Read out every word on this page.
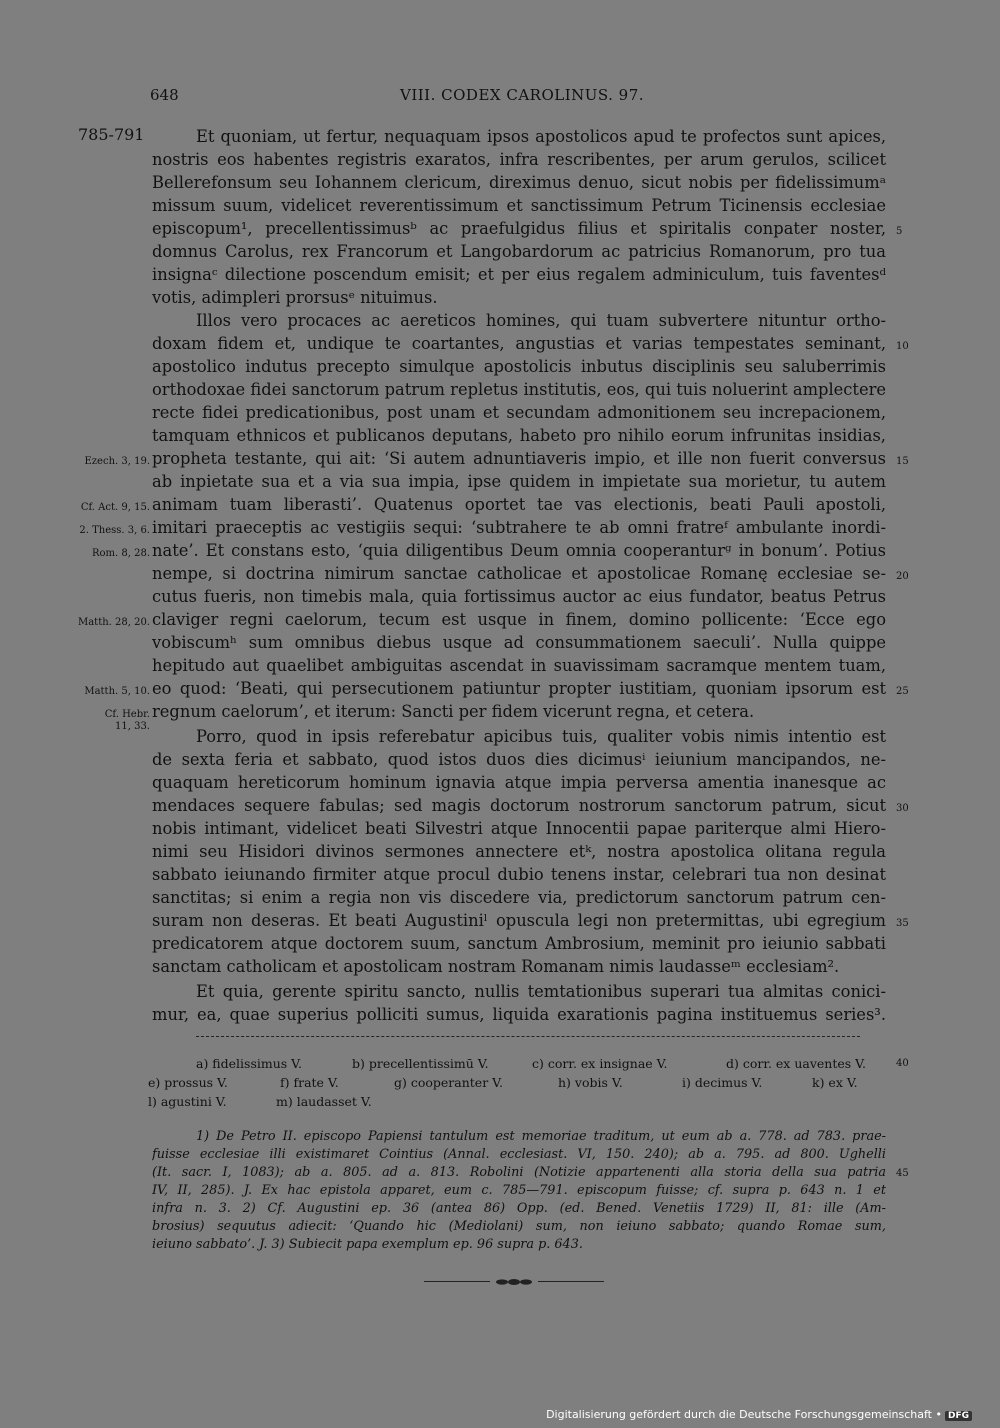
648	VIII. CODEX CAROLINUS. 97.
785-791	Et quoniam, ut fertur, nequaquam ipsos apostolicos apud te profectos sunt apices,
nostris eos habentes registris exaratos, infra rescribentes, per arum gerulos, scilicet
Bellerefonsum seu Iohannem clericum, direximus denuo, sicut nobis per fidelissimumᵃ
missum suum, videlicet reverentissimum et sanctissimum Petrum Ticinensis ecclesiae
episcopum¹, precellentissimusᵇ ac praefulgidus filius et spiritalis conpater noster,
domnus Carolus, rex Francorum et Langobardorum ac patricius Romanorum, pro tua
insignaᶜ dilectione poscendum emisit; et per eius regalem adminiculum, tuis faventesᵈ
votis, adimpleri prorsusᵉ nituimus.
Illos vero procaces ac aereticos homines, qui tuam subvertere nituntur ortho-
doxam fidem et, undique te coartantes, angustias et varias tempestates seminant,
apostolico indutus precepto simulque apostolicis inbutus disciplinis seu saluberrimis
orthodoxae fidei sanctorum patrum repletus institutis, eos, qui tuis noluerint amplectere
recte fidei predicationibus, post unam et secundam admonitionem seu increpacionem,
tamquam ethnicos et publicanos deputans, habeto pro nihilo eorum infrunitas insidias,
propheta testante, qui ait: ‘Si autem adnuntiaveris impio, et ille non fuerit conversus
ab inpietate sua et a via sua impia, ipse quidem in impietate sua morietur, tu autem
animam tuam liberasti’. Quatenus oportet tae vas electionis, beati Pauli apostoli,
imitari praeceptis ac vestigiis sequi: ‘subtrahere te ab omni fratreᶠ ambulante inordi-
nate’. Et constans esto, ‘quia diligentibus Deum omnia cooperanturᵍ in bonum’. Potius
nempe, si doctrina nimirum sanctae catholicae et apostolicae Romanę ecclesiae se-
cutus fueris, non timebis mala, quia fortissimus auctor ac eius fundator, beatus Petrus
claviger regni caelorum, tecum est usque in finem, domino pollicente: ‘Ecce ego
vobiscumʰ sum omnibus diebus usque ad consummationem saeculi’. Nulla quippe
hepitudo aut quaelibet ambiguitas ascendat in suavissimam sacramque mentem tuam,
eo quod: ‘Beati, qui persecutionem patiuntur propter iustitiam, quoniam ipsorum est
regnum caelorum’, et iterum: Sancti per fidem vicerunt regna, et cetera.
Porro, quod in ipsis referebatur apicibus tuis, qualiter vobis nimis intentio est
de sexta feria et sabbato, quod istos duos dies dicimusⁱ ieiunium mancipandos, ne-
quaquam hereticorum hominum ignavia atque impia perversa amentia inanesque ac
mendaces sequere fabulas; sed magis doctorum nostrorum sanctorum patrum, sicut
nobis intimant, videlicet beati Silvestri atque Innocentii papae pariterque almi Hiero-
nimi seu Hisidori divinos sermones annectere etᵏ, nostra apostolica olitana regula
sabbato ieiunando firmiter atque procul dubio tenens instar, celebrari tua non desinat
sanctitas; si enim a regia non vis discedere via, predictorum sanctorum patrum cen-
suram non deseras. Et beati Augustiniˡ opuscula legi non pretermittas, ubi egregium
predicatorem atque doctorem suum, sanctum Ambrosium, meminit pro ieiunio sabbati
sanctam catholicam et apostolicam nostram Romanam nimis laudasseᵐ ecclesiam².
Et quia, gerente spiritu sancto, nullis temtationibus superari tua almitas conici-
mur, ea, quae superius polliciti sumus, liquida exarationis pagina instituemus series³.
5
10
15
20
25
30
35
Ezech. 3, 19.
Cf. Act. 9, 15.
2. Thess. 3, 6.
Rom. 8, 28.
Matth. 28, 20.
Matth. 5, 10.
Cf. Hebr. 11, 33.
a) fidelissimus V.	b) precellentissimū V.	c) corr. ex insignae V.	d) corr. ex uaventes V.	40
e) prossus V.	f) frate V.	g) cooperanter V.	h) vobis V.	i) decimus V.	k) ex V.
l) agustini V.	m) laudasset V.
1) De Petro II. episcopo Papiensi tantulum est memoriae traditum, ut eum ab a. 778. ad 783. prae-
fuisse ecclesiae illi existimaret Cointius (Annal. ecclesiast. VI, 150. 240); ab a. 795. ad 800. Ughelli
(It. sacr. I, 1083); ab a. 805. ad a. 813. Robolini (Notizie appartenenti alla storia della sua patria
IV, II, 285). J. Ex hac epistola apparet, eum c. 785—791. episcopum fuisse; cf. supra p. 643 n. 1 et
infra n. 3. 2) Cf. Augustini ep. 36 (antea 86) Opp. (ed. Bened. Venetiis 1729) II, 81: ille (Am-
brosius) sequutus adiecit: ‘Quando hic (Mediolani) sum, non ieiuno sabbato; quando Romae sum,
ieiuno sabbato’. J. 3) Subiecit papa exemplum ep. 96 supra p. 643.
45
Digitalisierung gefördert durch die Deutsche Forschungsgemeinschaft • DFG
